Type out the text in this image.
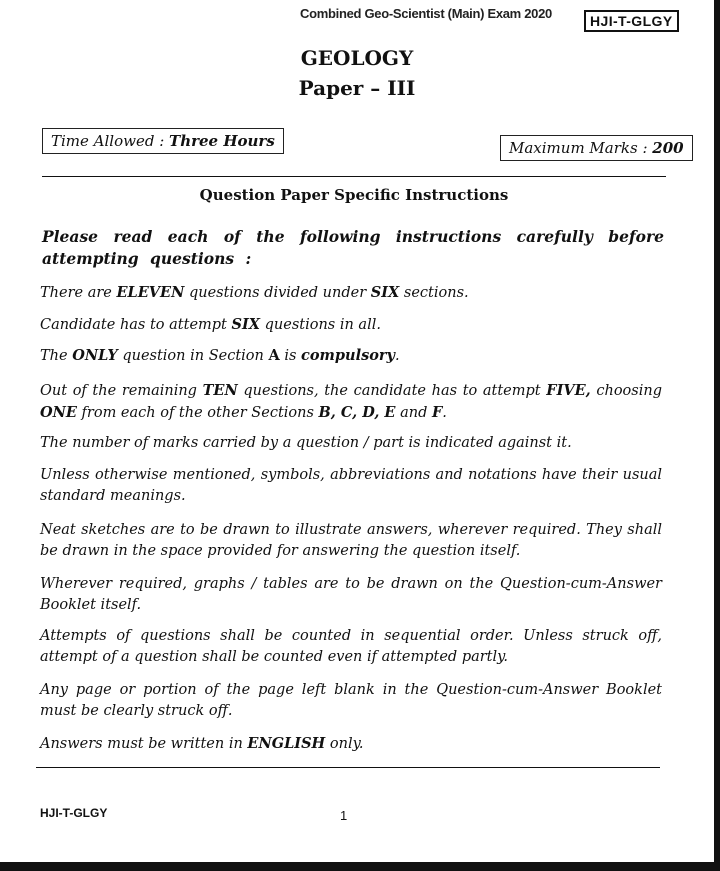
Combined Geo-Scientist (Main) Exam 2020	HJI-T-GLGY
GEOLOGY
Paper – III
Time Allowed : Three Hours	Maximum Marks : 200
Question Paper Specific Instructions
Please read each of the following instructions carefully before attempting questions :
There are ELEVEN questions divided under SIX sections.
Candidate has to attempt SIX questions in all.
The ONLY question in Section A is compulsory.
Out of the remaining TEN questions, the candidate has to attempt FIVE, choosing ONE from each of the other Sections B, C, D, E and F.
The number of marks carried by a question / part is indicated against it.
Unless otherwise mentioned, symbols, abbreviations and notations have their usual standard meanings.
Neat sketches are to be drawn to illustrate answers, wherever required. They shall be drawn in the space provided for answering the question itself.
Wherever required, graphs / tables are to be drawn on the Question-cum-Answer Booklet itself.
Attempts of questions shall be counted in sequential order. Unless struck off, attempt of a question shall be counted even if attempted partly.
Any page or portion of the page left blank in the Question-cum-Answer Booklet must be clearly struck off.
Answers must be written in ENGLISH only.
HJI-T-GLGY	1
